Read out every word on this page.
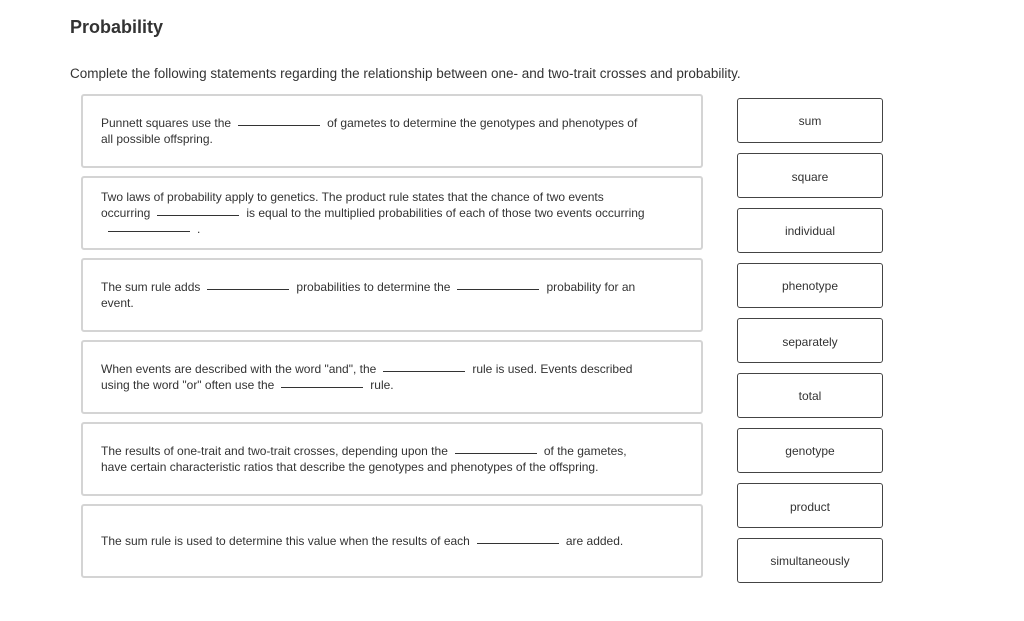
Probability
Complete the following statements regarding the relationship between one- and two-trait crosses and probability.
Punnett squares use the	of gametes to determine the genotypes and phenotypes of all possible offspring.
Two laws of probability apply to genetics. The product rule states that the chance of two events occurring	is equal to the multiplied probabilities of each of those two events occurring.
The sum rule adds	probabilities to determine the	probability for an event.
When events are described with the word "and", the	rule is used. Events described using the word "or" often use the	rule.
The results of one-trait and two-trait crosses, depending upon the	of the gametes, have certain characteristic ratios that describe the genotypes and phenotypes of the offspring.
The sum rule is used to determine this value when the results of each	are added.
sum
square
individual
phenotype
separately
total
genotype
product
simultaneously
